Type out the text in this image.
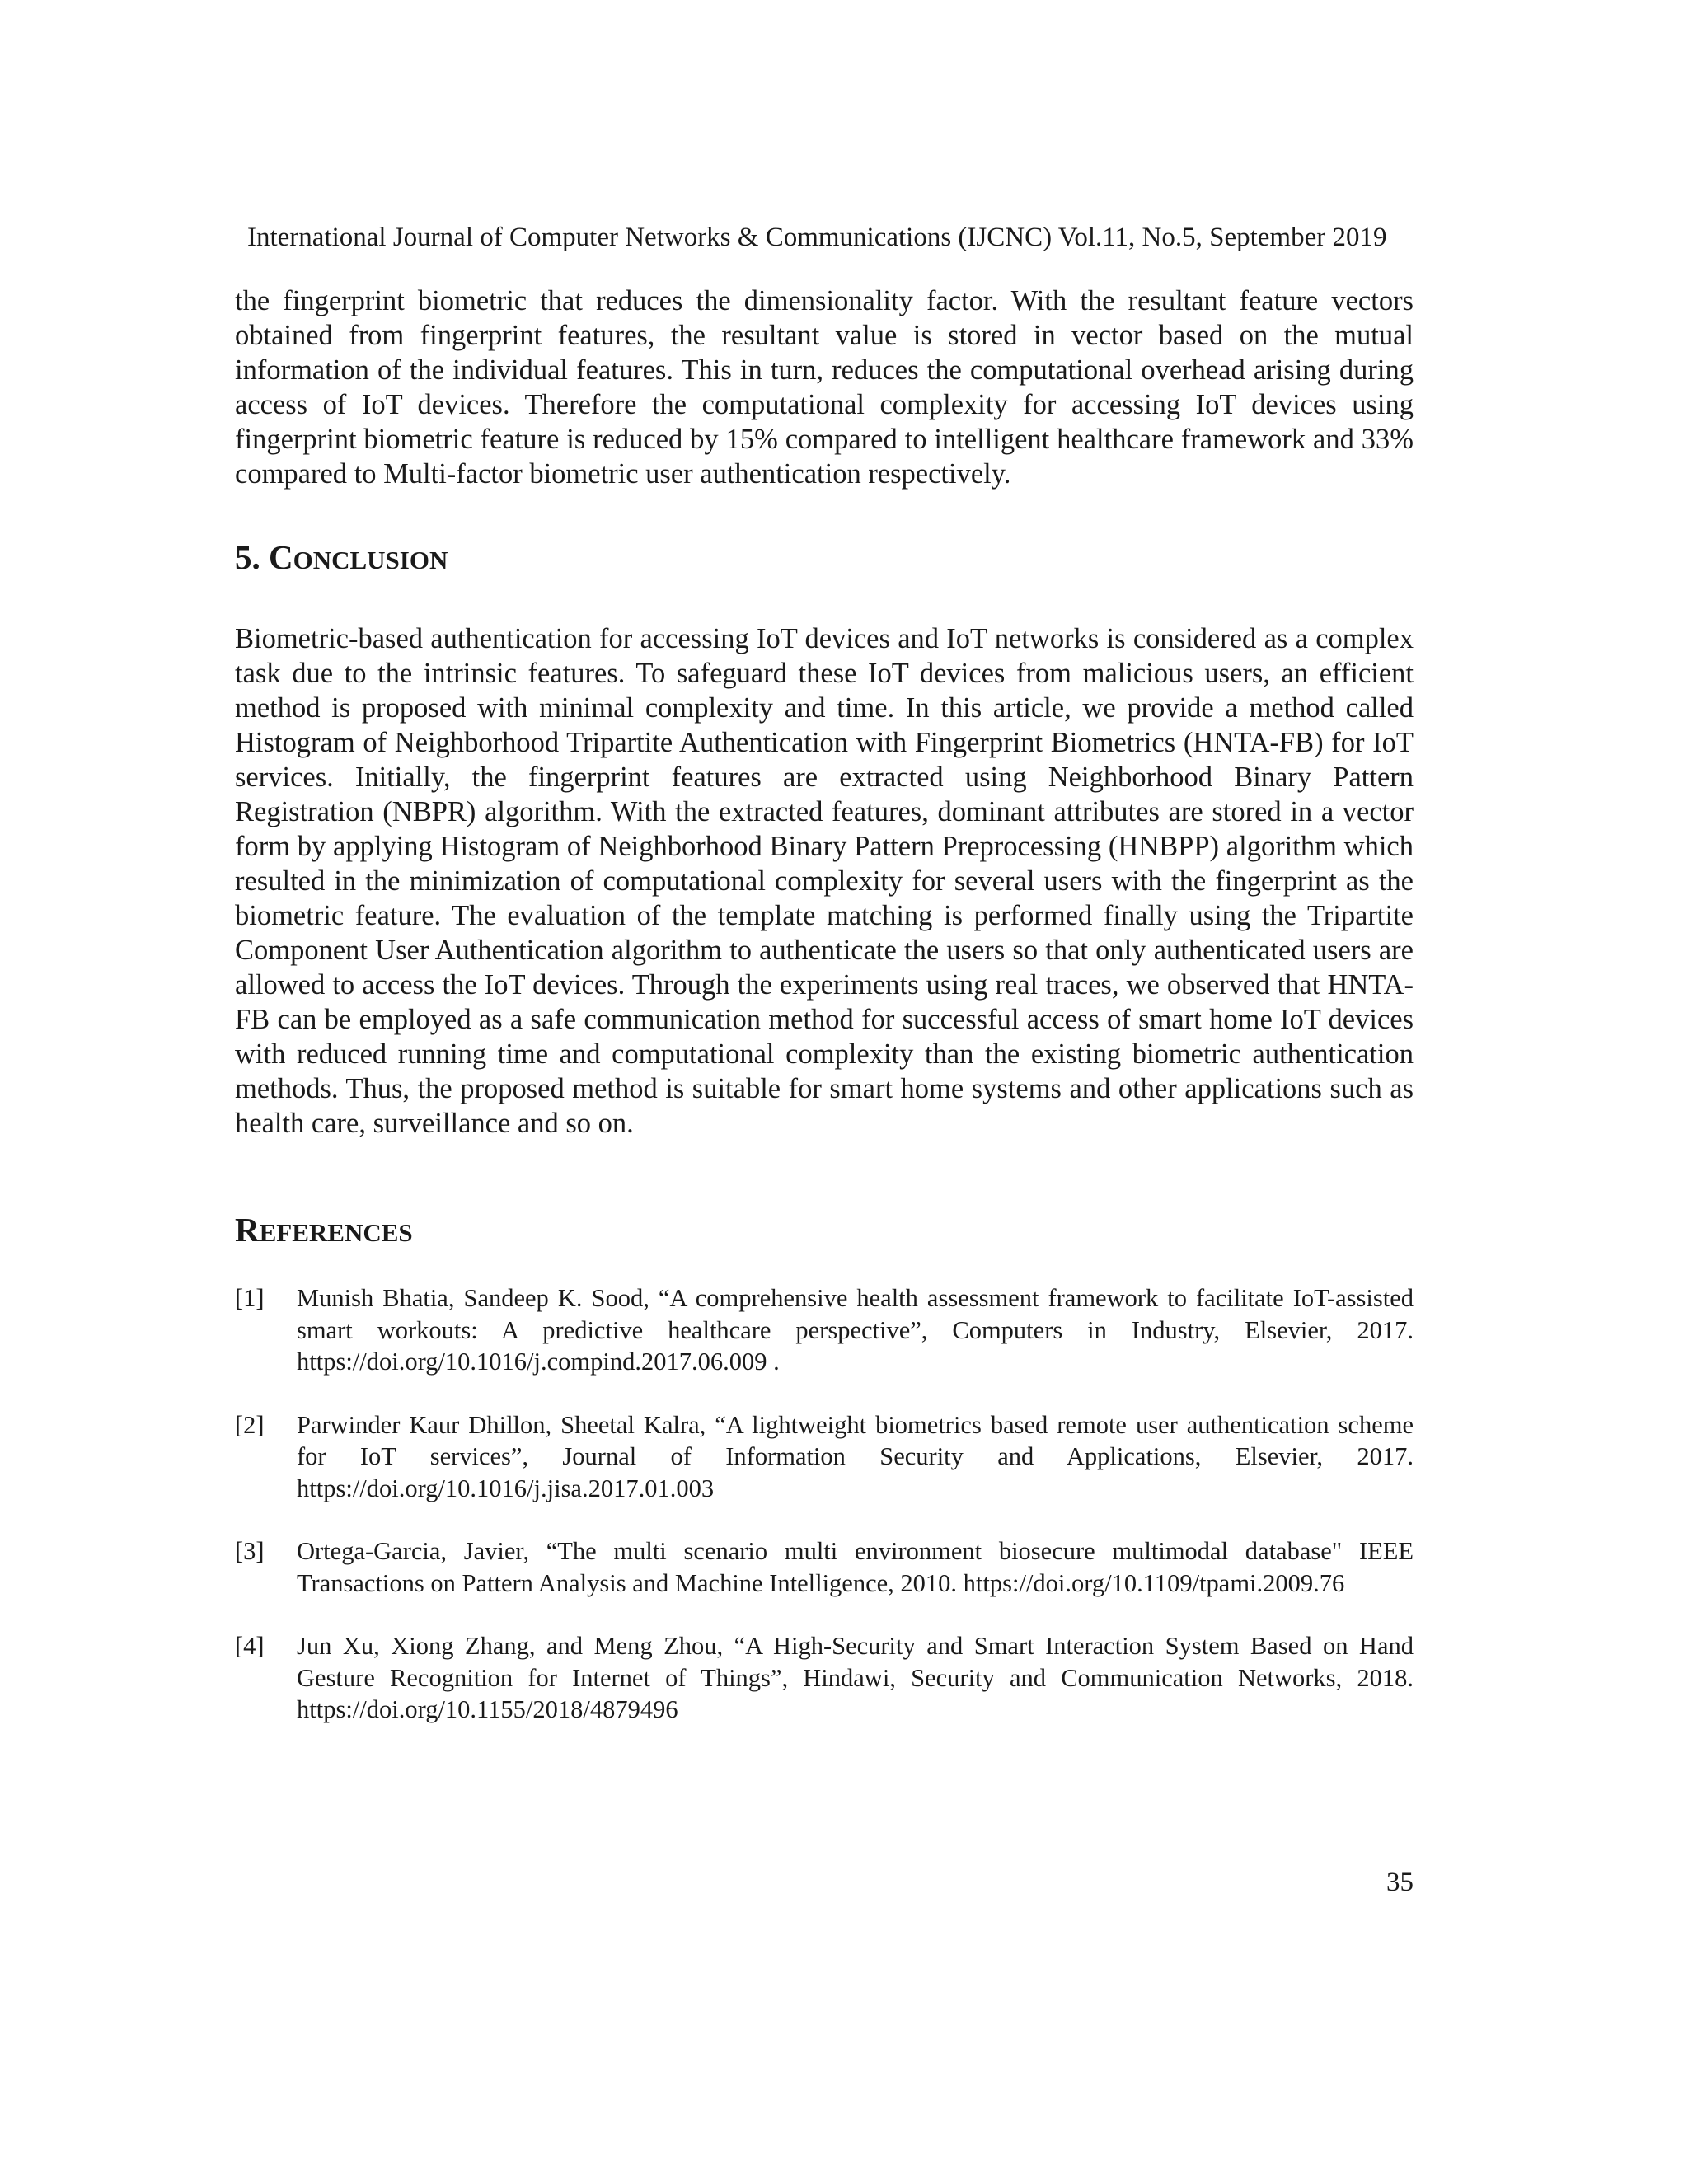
International Journal of Computer Networks & Communications (IJCNC) Vol.11, No.5, September 2019

the fingerprint biometric that reduces the dimensionality factor. With the resultant feature vectors obtained from fingerprint features, the resultant value is stored in vector based on the mutual information of the individual features. This in turn, reduces the computational overhead arising during access of IoT devices. Therefore the computational complexity for accessing IoT devices using fingerprint biometric feature is reduced by 15% compared to intelligent healthcare framework and 33% compared to Multi-factor biometric user authentication respectively.

5. CONCLUSION

Biometric-based authentication for accessing IoT devices and IoT networks is considered as a complex task due to the intrinsic features. To safeguard these IoT devices from malicious users, an efficient method is proposed with minimal complexity and time. In this article, we provide a method called Histogram of Neighborhood Tripartite Authentication with Fingerprint Biometrics (HNTA-FB) for IoT services. Initially, the fingerprint features are extracted using Neighborhood Binary Pattern Registration (NBPR) algorithm. With the extracted features, dominant attributes are stored in a vector form by applying Histogram of Neighborhood Binary Pattern Preprocessing (HNBPP) algorithm which resulted in the minimization of computational complexity for several users with the fingerprint as the biometric feature. The evaluation of the template matching is performed finally using the Tripartite Component User Authentication algorithm to authenticate the users so that only authenticated users are allowed to access the IoT devices. Through the experiments using real traces, we observed that HNTA-FB can be employed as a safe communication method for successful access of smart home IoT devices with reduced running time and computational complexity than the existing biometric authentication methods. Thus, the proposed method is suitable for smart home systems and other applications such as health care, surveillance and so on.

REFERENCES
[1] Munish Bhatia, Sandeep K. Sood, “A comprehensive health assessment framework to facilitate IoT-assisted smart workouts: A predictive healthcare perspective”, Computers in Industry, Elsevier, 2017. https://doi.org/10.1016/j.compind.2017.06.009 .
[2] Parwinder Kaur Dhillon, Sheetal Kalra, “A lightweight biometrics based remote user authentication scheme for IoT services”, Journal of Information Security and Applications, Elsevier, 2017. https://doi.org/10.1016/j.jisa.2017.01.003
[3] Ortega-Garcia, Javier, “The multi scenario multi environment biosecure multimodal database" IEEE Transactions on Pattern Analysis and Machine Intelligence, 2010. https://doi.org/10.1109/tpami.2009.76
[4] Jun Xu, Xiong Zhang, and Meng Zhou, “A High-Security and Smart Interaction System Based on Hand Gesture Recognition for Internet of Things”, Hindawi, Security and Communication Networks, 2018. https://doi.org/10.1155/2018/4879496
35
